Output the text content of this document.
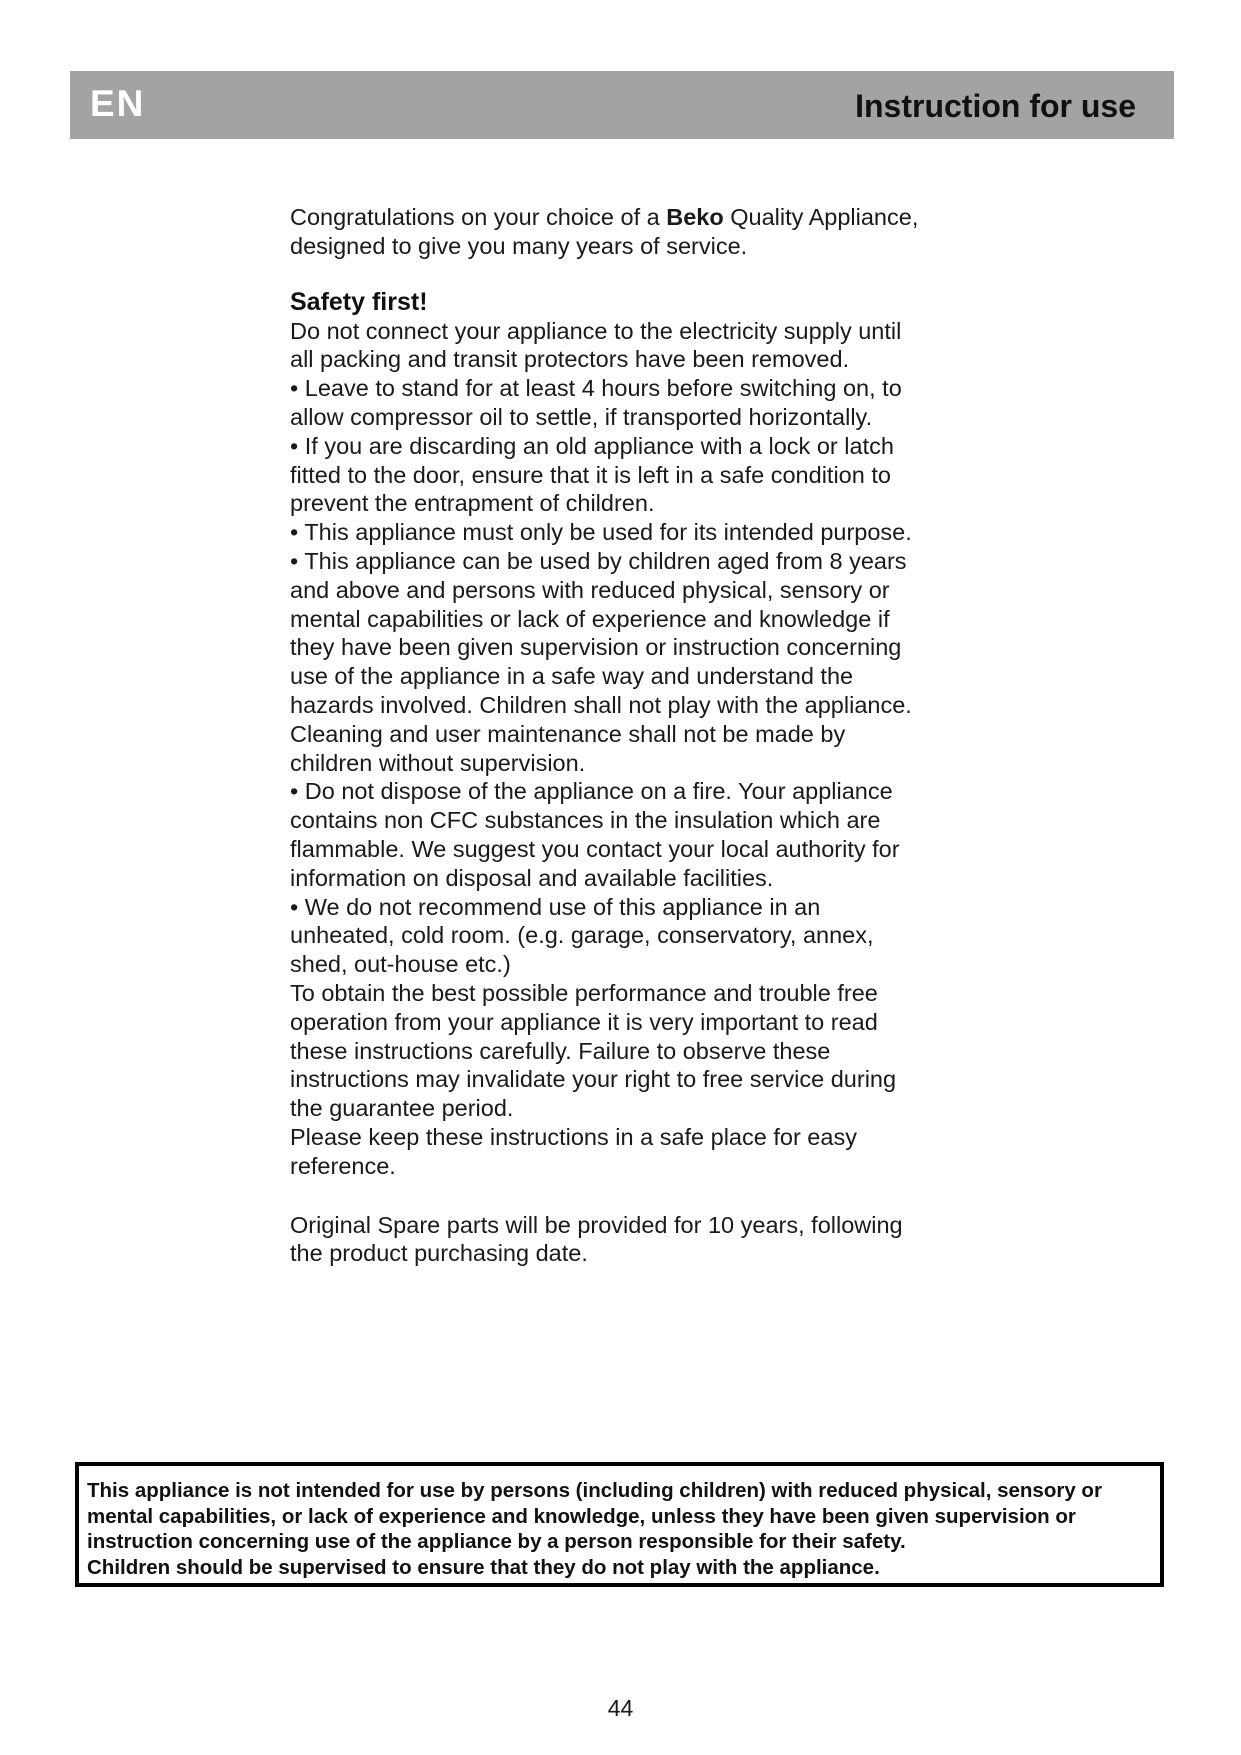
EN	Instruction for use

Congratulations on your choice of a Beko Quality Appliance, designed to give you many years of service.

Safety first!

Do not connect your appliance to the electricity supply until all packing and transit protectors have been removed.

• Leave to stand for at least 4 hours before switching on, to allow compressor oil to settle, if transported horizontally.

• If you are discarding an old appliance with a lock or latch fitted to the door, ensure that it is left in a safe condition to prevent the entrapment of children.

• This appliance must only be used for its intended purpose.

• This appliance can be used by children aged from 8 years and above and persons with reduced physical, sensory or mental capabilities or lack of experience and knowledge if they have been given supervision or instruction concerning use of the appliance in a safe way and understand the hazards involved. Children shall not play with the appliance. Cleaning and user maintenance shall not be made by children without supervision.

• Do not dispose of the appliance on a fire. Your appliance contains non CFC substances in the insulation which are flammable. We suggest you contact your local authority for information on disposal and available facilities.

• We do not recommend use of this appliance in an unheated, cold room. (e.g. garage, conservatory, annex, shed, out-house etc.)

To obtain the best possible performance and trouble free operation from your appliance it is very important to read these instructions carefully. Failure to observe these instructions may invalidate your right to free service during the guarantee period.

Please keep these instructions in a safe place for easy reference.

Original Spare parts will be provided for 10 years, following the product purchasing date.

This appliance is not intended for use by persons (including children) with reduced physical, sensory or mental capabilities, or lack of experience and knowledge, unless they have been given supervision or instruction concerning use of the appliance by a person responsible for their safety.

Children should be supervised to ensure that they do not play with the appliance.

44
